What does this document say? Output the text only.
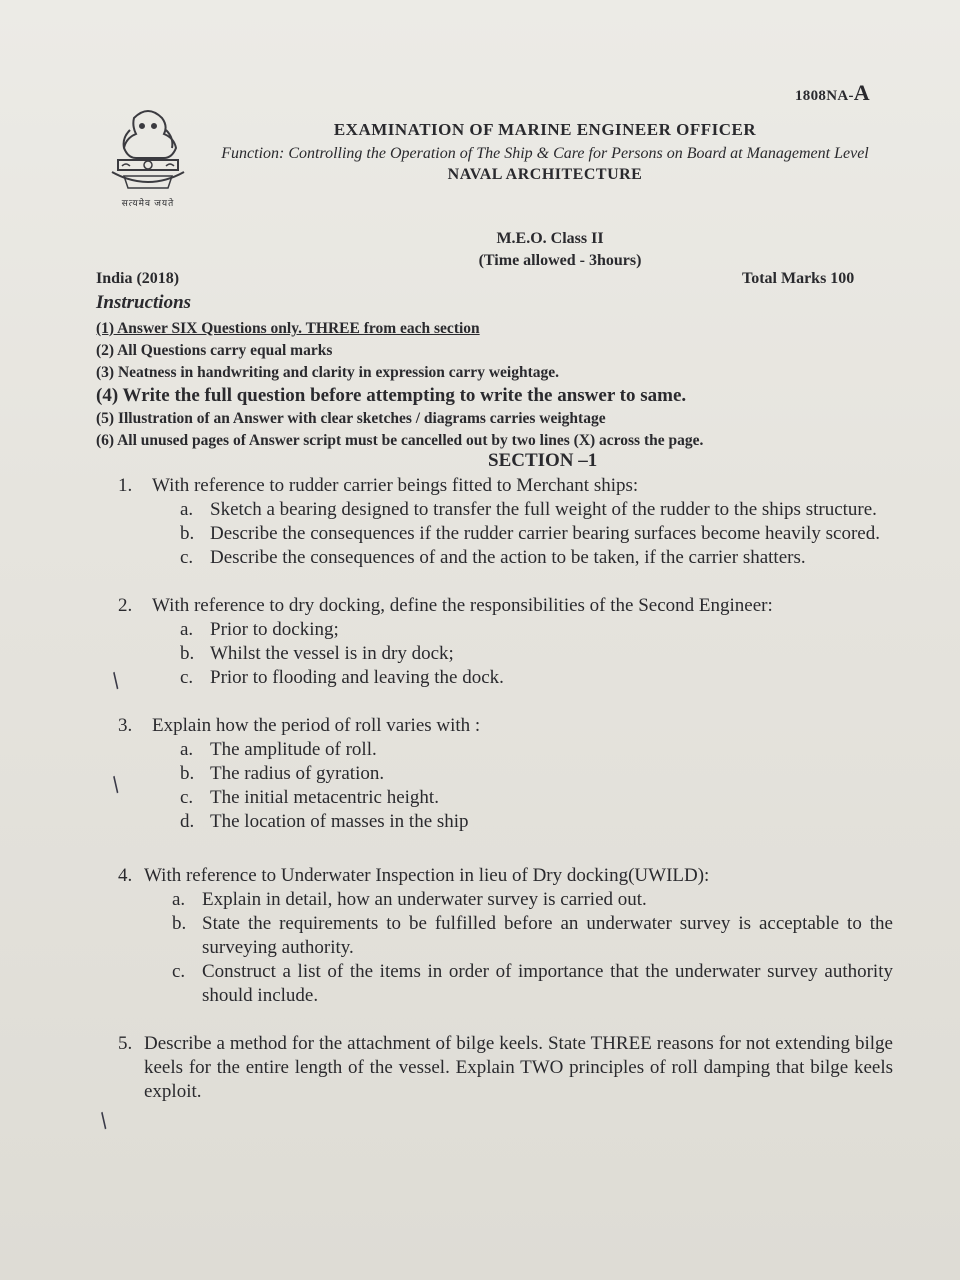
1808NA-A
सत्यमेव जयते
EXAMINATION OF MARINE ENGINEER OFFICER
Function: Controlling the Operation of The Ship & Care for Persons on Board at Management Level
NAVAL ARCHITECTURE
M.E.O. Class II
(Time allowed - 3hours)
India (2018)	Total Marks 100
Instructions
(1) Answer SIX Questions only. THREE from each section
(2) All Questions carry equal marks
(3) Neatness in handwriting and clarity in expression carry weightage.
(4) Write the full question before attempting to write the answer to same.
(5) Illustration of an Answer with clear sketches / diagrams carries weightage
(6) All unused pages of Answer script must be cancelled out by two lines (X) across the page.
SECTION –1
1.	With reference to rudder carrier beings fitted to Merchant ships:
a. Sketch a bearing designed to transfer the full weight of the rudder to the ships structure.
b. Describe the consequences if the rudder carrier bearing surfaces become heavily scored.
c. Describe the consequences of and the action to be taken, if the carrier shatters.
2.	With reference to dry docking, define the responsibilities of the Second Engineer:
a. Prior to docking;
b. Whilst the vessel is in dry dock;
c. Prior to flooding and leaving the dock.
3.	Explain how the period of roll varies with :
a. The amplitude of roll.
b. The radius of gyration.
c. The initial metacentric height.
d. The location of masses in the ship
4. With reference to Underwater Inspection in lieu of Dry docking(UWILD):
a. Explain in detail, how an underwater survey is carried out.
b. State the requirements to be fulfilled before an underwater survey is acceptable to the surveying authority.
c. Construct a list of the items in order of importance that the underwater survey authority should include.
5. Describe a method for the attachment of bilge keels. State THREE reasons for not extending bilge keels for the entire length of the vessel. Explain TWO principles of roll damping that bilge keels exploit.
/
/
/
